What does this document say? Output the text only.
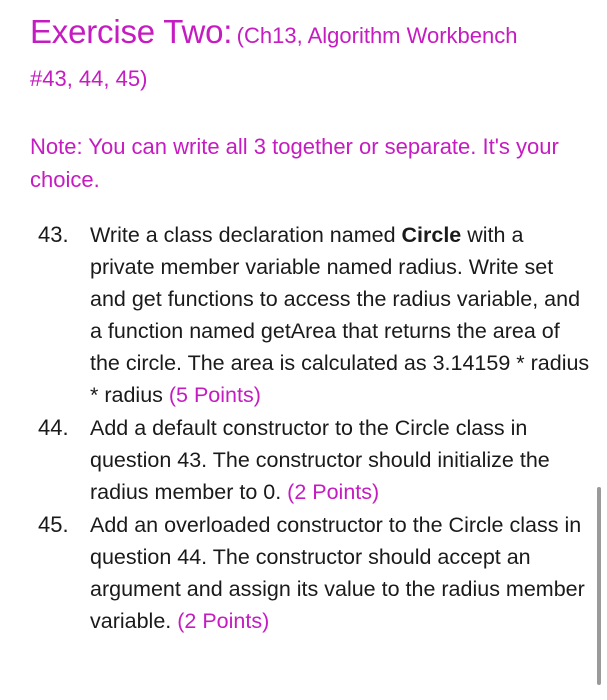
Exercise Two: (Ch13, Algorithm Workbench
#43, 44, 45)
Note: You can write all 3 together or separate. It's your choice.
43. Write a class declaration named Circle with a private member variable named radius. Write set and get functions to access the radius variable, and a function named getArea that returns the area of the circle. The area is calculated as 3.14159 * radius * radius (5 Points)
44. Add a default constructor to the Circle class in question 43. The constructor should initialize the radius member to 0. (2 Points)
45. Add an overloaded constructor to the Circle class in question 44. The constructor should accept an argument and assign its value to the radius member variable. (2 Points)
